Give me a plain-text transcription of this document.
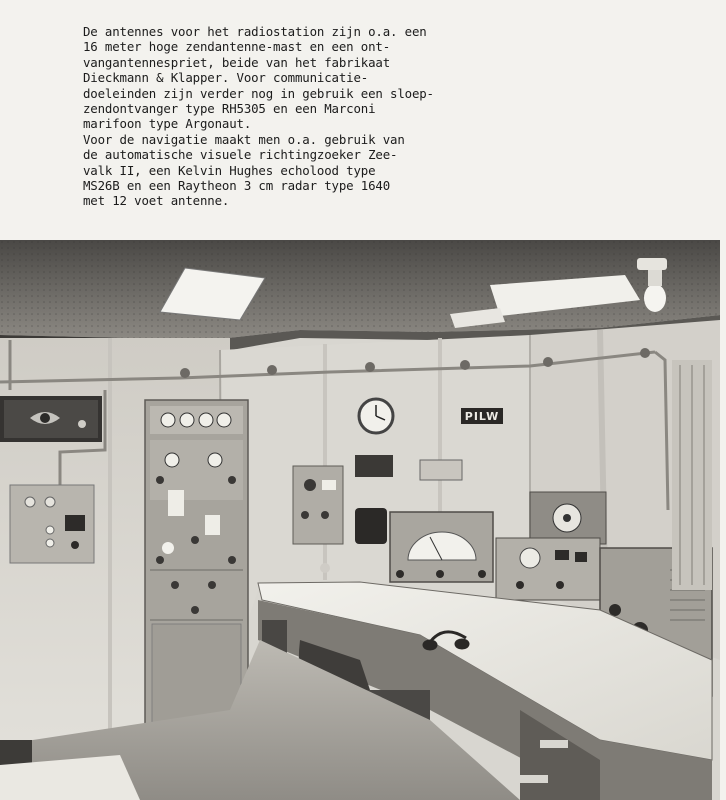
De antennes voor het radiostation zijn o.a. een
16 meter hoge zendantenne-mast en een ont-
vangantennespriet, beide van het fabrikaat
Dieckmann & Klapper. Voor communicatie-
doeleinden zijn verder nog in gebruik een sloep-
zendontvanger type RH5305 en een Marconi
marifoon type Argonaut.
Voor de navigatie maakt men o.a. gebruik van
de automatische visuele richtingzoeker Zee-
valk II, een Kelvin Hughes echolood type
MS26B en een Raytheon 3 cm radar type 1640
met 12 voet antenne.
PILW
